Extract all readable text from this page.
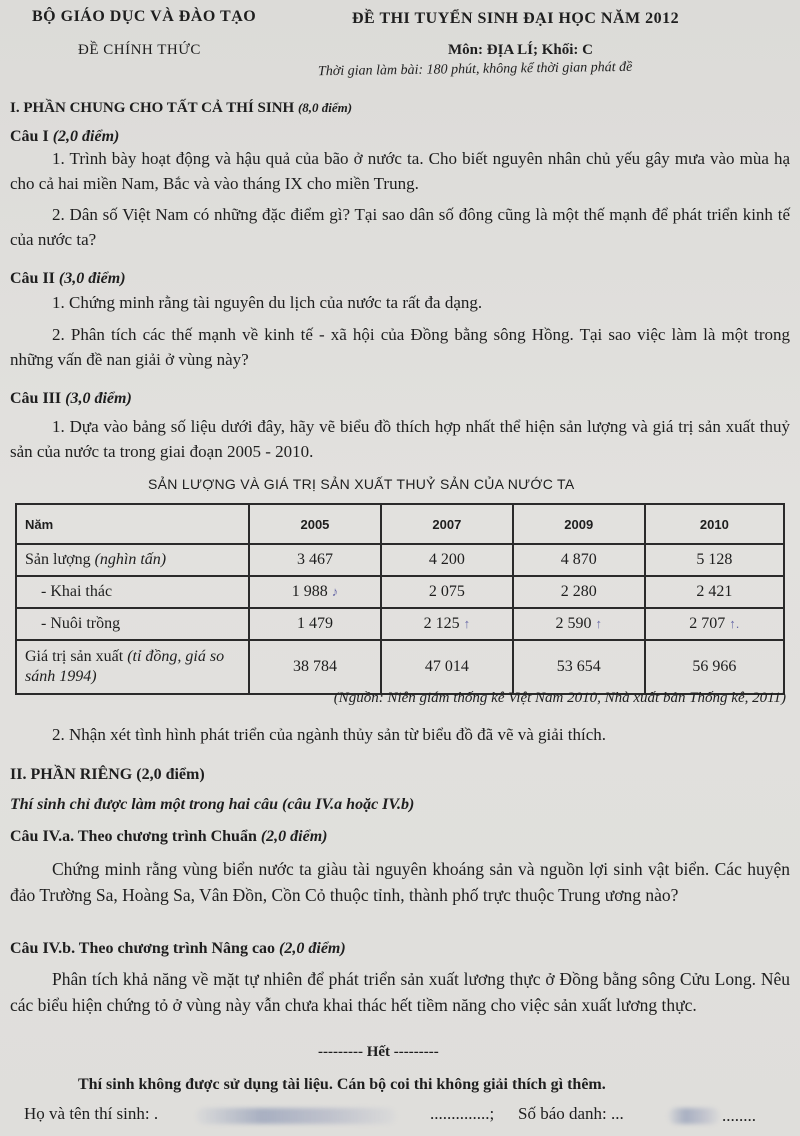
BỘ GIÁO DỤC VÀ ĐÀO TẠO
ĐỀ CHÍNH THỨC
ĐỀ THI TUYỂN SINH ĐẠI HỌC NĂM 2012
Môn: ĐỊA LÍ; Khối: C
Thời gian làm bài: 180 phút, không kể thời gian phát đề
I. PHẦN CHUNG CHO TẤT CẢ THÍ SINH (8,0 điểm)
Câu I (2,0 điểm)
1. Trình bày hoạt động và hậu quả của bão ở nước ta. Cho biết nguyên nhân chủ yếu gây mưa vào mùa hạ cho cả hai miền Nam, Bắc và vào tháng IX cho miền Trung.
2. Dân số Việt Nam có những đặc điểm gì? Tại sao dân số đông cũng là một thế mạnh để phát triển kinh tế của nước ta?
Câu II (3,0 điểm)
1. Chứng minh rằng tài nguyên du lịch của nước ta rất đa dạng.
2. Phân tích các thế mạnh về kinh tế - xã hội của Đồng bằng sông Hồng. Tại sao việc làm là một trong những vấn đề nan giải ở vùng này?
Câu III (3,0 điểm)
1. Dựa vào bảng số liệu dưới đây, hãy vẽ biểu đồ thích hợp nhất thể hiện sản lượng và giá trị sản xuất thuỷ sản của nước ta trong giai đoạn 2005 - 2010.
SẢN LƯỢNG VÀ GIÁ TRỊ SẢN XUẤT THUỶ SẢN CỦA NƯỚC TA
Năm	2005	2007	2009	2010
Sản lượng (nghìn tấn)	3 467	4 200	4 870	5 128
- Khai thác	1 988 ♪	2 075	2 280	2 421
- Nuôi trồng	1 479	2 125 ↑	2 590 ↑	2 707 ↑.
Giá trị sản xuất (tỉ đồng, giá so sánh 1994)	38 784	47 014	53 654	56 966
(Nguồn: Niên giám thống kê Việt Nam 2010, Nhà xuất bản Thống kê, 2011)
2. Nhận xét tình hình phát triển của ngành thủy sản từ biểu đồ đã vẽ và giải thích.
II. PHẦN RIÊNG (2,0 điểm)
Thí sinh chỉ được làm một trong hai câu (câu IV.a hoặc IV.b)
Câu IV.a. Theo chương trình Chuẩn (2,0 điểm)
Chứng minh rằng vùng biển nước ta giàu tài nguyên khoáng sản và nguồn lợi sinh vật biển. Các huyện đảo Trường Sa, Hoàng Sa, Vân Đồn, Cồn Cỏ thuộc tỉnh, thành phố trực thuộc Trung ương nào?
Câu IV.b. Theo chương trình Nâng cao (2,0 điểm)
Phân tích khả năng về mặt tự nhiên để phát triển sản xuất lương thực ở Đồng bằng sông Cửu Long. Nêu các biểu hiện chứng tỏ ở vùng này vẫn chưa khai thác hết tiềm năng cho việc sản xuất lương thực.
--------- Hết ---------
Thí sinh không được sử dụng tài liệu. Cán bộ coi thi không giải thích gì thêm.
Họ và tên thí sinh: .	..............; Số báo danh: ...	........
